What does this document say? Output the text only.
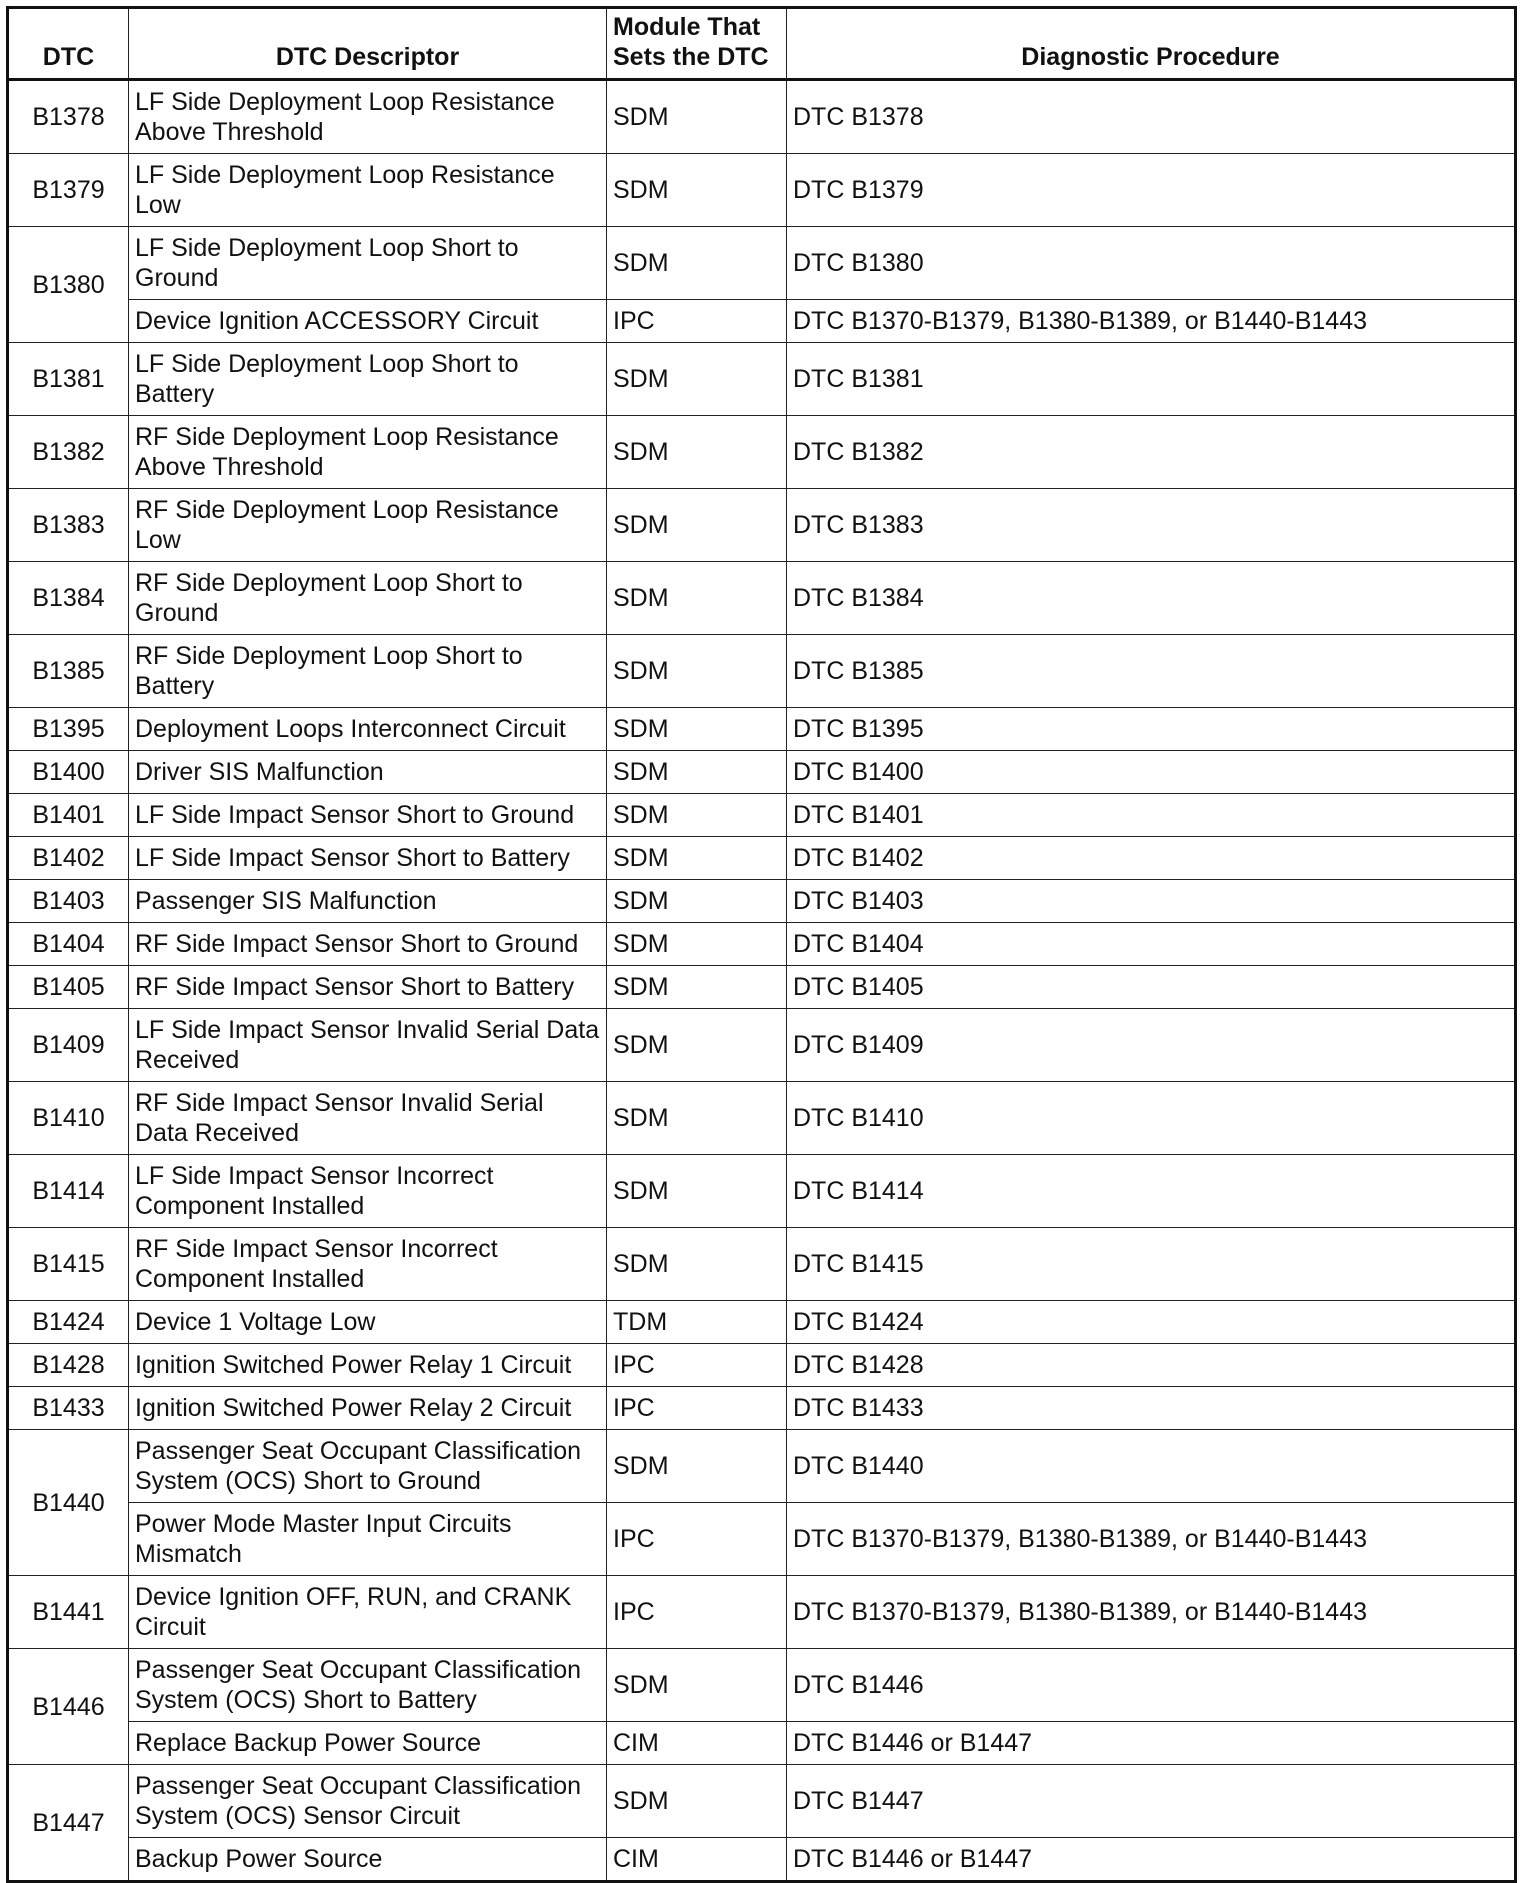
DTC	DTC Descriptor	Module That
Sets the DTC	Diagnostic Procedure
B1378	LF Side Deployment Loop Resistance Above Threshold	SDM	DTC B1378
B1379	LF Side Deployment Loop Resistance Low	SDM	DTC B1379
B1380	LF Side Deployment Loop Short to Ground	SDM	DTC B1380
	Device Ignition ACCESSORY Circuit	IPC	DTC B1370-B1379, B1380-B1389, or B1440-B1443
B1381	LF Side Deployment Loop Short to Battery	SDM	DTC B1381
B1382	RF Side Deployment Loop Resistance Above Threshold	SDM	DTC B1382
B1383	RF Side Deployment Loop Resistance Low	SDM	DTC B1383
B1384	RF Side Deployment Loop Short to Ground	SDM	DTC B1384
B1385	RF Side Deployment Loop Short to Battery	SDM	DTC B1385
B1395	Deployment Loops Interconnect Circuit	SDM	DTC B1395
B1400	Driver SIS Malfunction	SDM	DTC B1400
B1401	LF Side Impact Sensor Short to Ground	SDM	DTC B1401
B1402	LF Side Impact Sensor Short to Battery	SDM	DTC B1402
B1403	Passenger SIS Malfunction	SDM	DTC B1403
B1404	RF Side Impact Sensor Short to Ground	SDM	DTC B1404
B1405	RF Side Impact Sensor Short to Battery	SDM	DTC B1405
B1409	LF Side Impact Sensor Invalid Serial Data Received	SDM	DTC B1409
B1410	RF Side Impact Sensor Invalid Serial Data Received	SDM	DTC B1410
B1414	LF Side Impact Sensor Incorrect Component Installed	SDM	DTC B1414
B1415	RF Side Impact Sensor Incorrect Component Installed	SDM	DTC B1415
B1424	Device 1 Voltage Low	TDM	DTC B1424
B1428	Ignition Switched Power Relay 1 Circuit	IPC	DTC B1428
B1433	Ignition Switched Power Relay 2 Circuit	IPC	DTC B1433
B1440	Passenger Seat Occupant Classification System (OCS) Short to Ground	SDM	DTC B1440
	Power Mode Master Input Circuits Mismatch	IPC	DTC B1370-B1379, B1380-B1389, or B1440-B1443
B1441	Device Ignition OFF, RUN, and CRANK Circuit	IPC	DTC B1370-B1379, B1380-B1389, or B1440-B1443
B1446	Passenger Seat Occupant Classification System (OCS) Short to Battery	SDM	DTC B1446
	Replace Backup Power Source	CIM	DTC B1446 or B1447
B1447	Passenger Seat Occupant Classification System (OCS) Sensor Circuit	SDM	DTC B1447
	Backup Power Source	CIM	DTC B1446 or B1447
